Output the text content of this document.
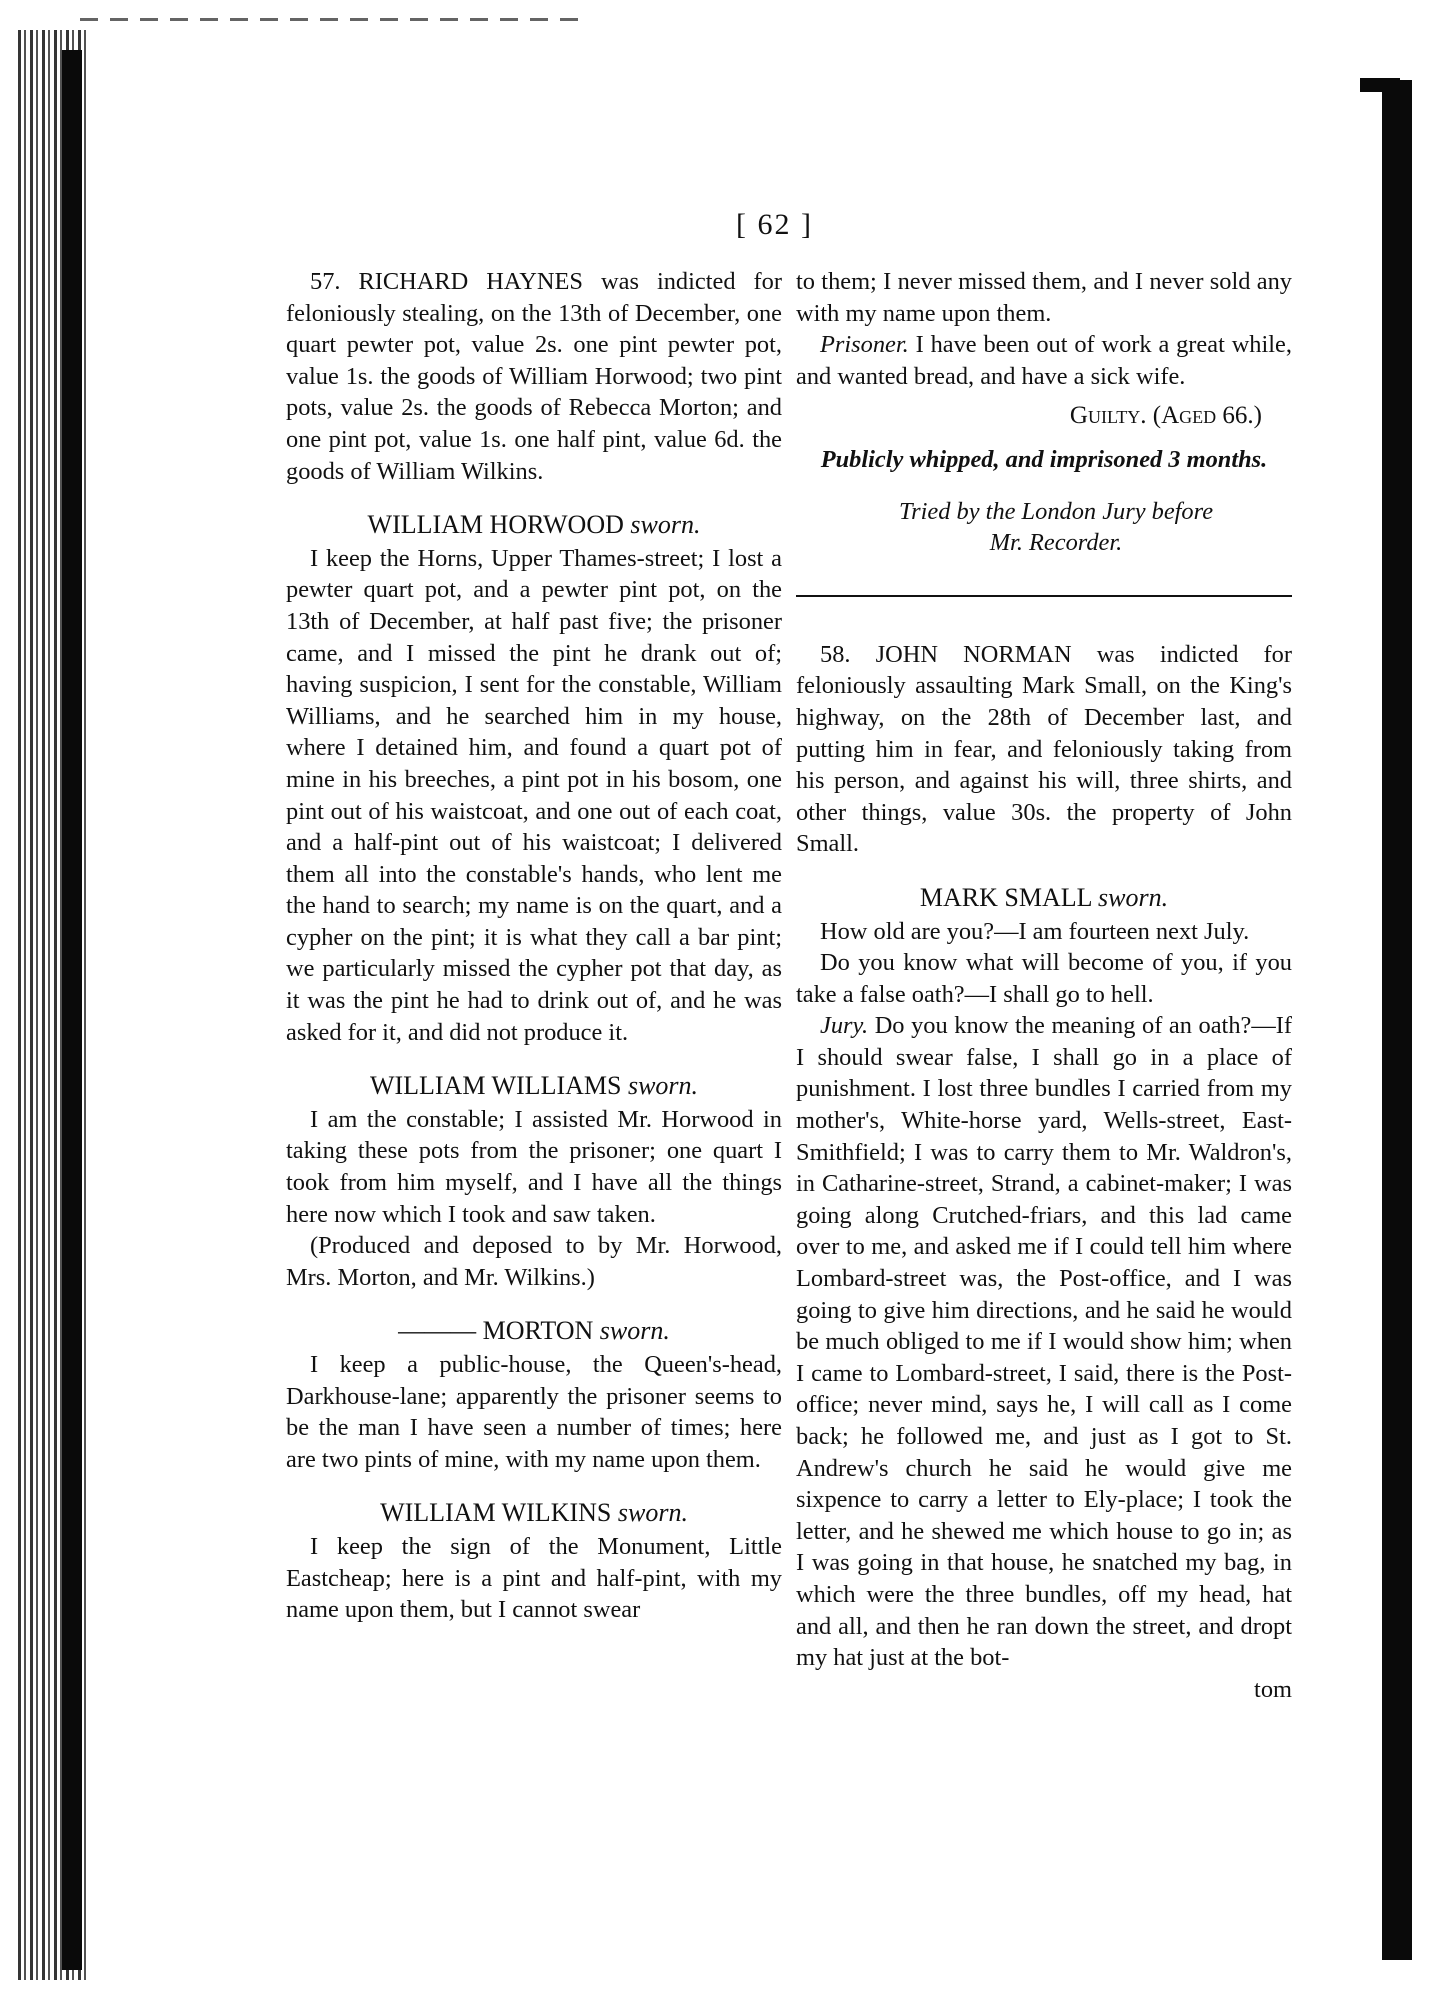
[ 62 ]

57. RICHARD HAYNES was indicted for feloniously stealing, on the 13th of December, one quart pewter pot, value 2s. one pint pewter pot, value 1s. the goods of William Horwood; two pint pots, value 2s. the goods of Rebecca Morton; and one pint pot, value 1s. one half pint, value 6d. the goods of William Wilkins.

WILLIAM HORWOOD sworn.

I keep the Horns, Upper Thames-street; I lost a pewter quart pot, and a pewter pint pot, on the 13th of December, at half past five; the prisoner came, and I missed the pint he drank out of; having suspicion, I sent for the constable, William Williams, and he searched him in my house, where I detained him, and found a quart pot of mine in his breeches, a pint pot in his bosom, one pint out of his waistcoat, and one out of each coat, and a half-pint out of his waistcoat; I delivered them all into the constable's hands, who lent me the hand to search; my name is on the quart, and a cypher on the pint; it is what they call a bar pint; we particularly missed the cypher pot that day, as it was the pint he had to drink out of, and he was asked for it, and did not produce it.

WILLIAM WILLIAMS sworn.

I am the constable; I assisted Mr. Horwood in taking these pots from the prisoner; one quart I took from him myself, and I have all the things here now which I took and saw taken.

(Produced and deposed to by Mr. Horwood, Mrs. Morton, and Mr. Wilkins.)

——— MORTON sworn.

I keep a public-house, the Queen's-head, Darkhouse-lane; apparently the prisoner seems to be the man I have seen a number of times; here are two pints of mine, with my name upon them.

WILLIAM WILKINS sworn.

I keep the sign of the Monument, Little Eastcheap; here is a pint and half-pint, with my name upon them, but I cannot swear

to them; I never missed them, and I never sold any with my name upon them.

Prisoner. I have been out of work a great while, and wanted bread, and have a sick wife.

Guilty. (Aged 66.)
Publicly whipped, and imprisoned 3 months.

Tried by the London Jury before

Mr. Recorder.

58. JOHN NORMAN was indicted for feloniously assaulting Mark Small, on the King's highway, on the 28th of December last, and putting him in fear, and feloniously taking from his person, and against his will, three shirts, and other things, value 30s. the property of John Small.

MARK SMALL sworn.

How old are you?—I am fourteen next July.

Do you know what will become of you, if you take a false oath?—I shall go to hell.

Jury. Do you know the meaning of an oath?—If I should swear false, I shall go in a place of punishment. I lost three bundles I carried from my mother's, White-horse yard, Wells-street, East-Smithfield; I was to carry them to Mr. Waldron's, in Catharine-street, Strand, a cabinet-maker; I was going along Crutched-friars, and this lad came over to me, and asked me if I could tell him where Lombard-street was, the Post-office, and I was going to give him directions, and he said he would be much obliged to me if I would show him; when I came to Lombard-street, I said, there is the Post-office; never mind, says he, I will call as I come back; he followed me, and just as I got to St. Andrew's church he said he would give me sixpence to carry a letter to Ely-place; I took the letter, and he shewed me which house to go in; as I was going in that house, he snatched my bag, in which were the three bundles, off my head, hat and all, and then he ran down the street, and dropt my hat just at the bot-

tom
